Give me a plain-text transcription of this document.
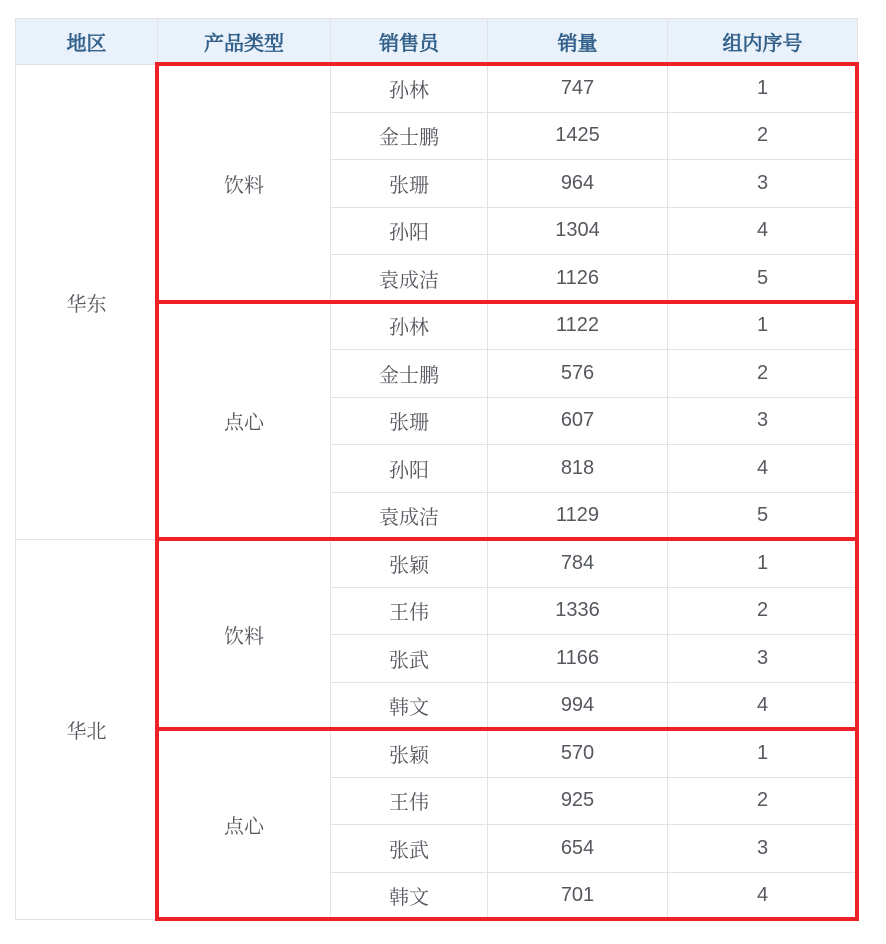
地区	产品类型	销售员	销量	组内序号
华东	饮料	孙林	747	1
		金士鹏	1425	2
		张珊	964	3
		孙阳	1304	4
		袁成洁	1126	5
	点心	孙林	1122	1
		金士鹏	576	2
		张珊	607	3
		孙阳	818	4
		袁成洁	1129	5
华北	饮料	张颖	784	1
		王伟	1336	2
		张武	1166	3
		韩文	994	4
	点心	张颖	570	1
		王伟	925	2
		张武	654	3
		韩文	701	4
